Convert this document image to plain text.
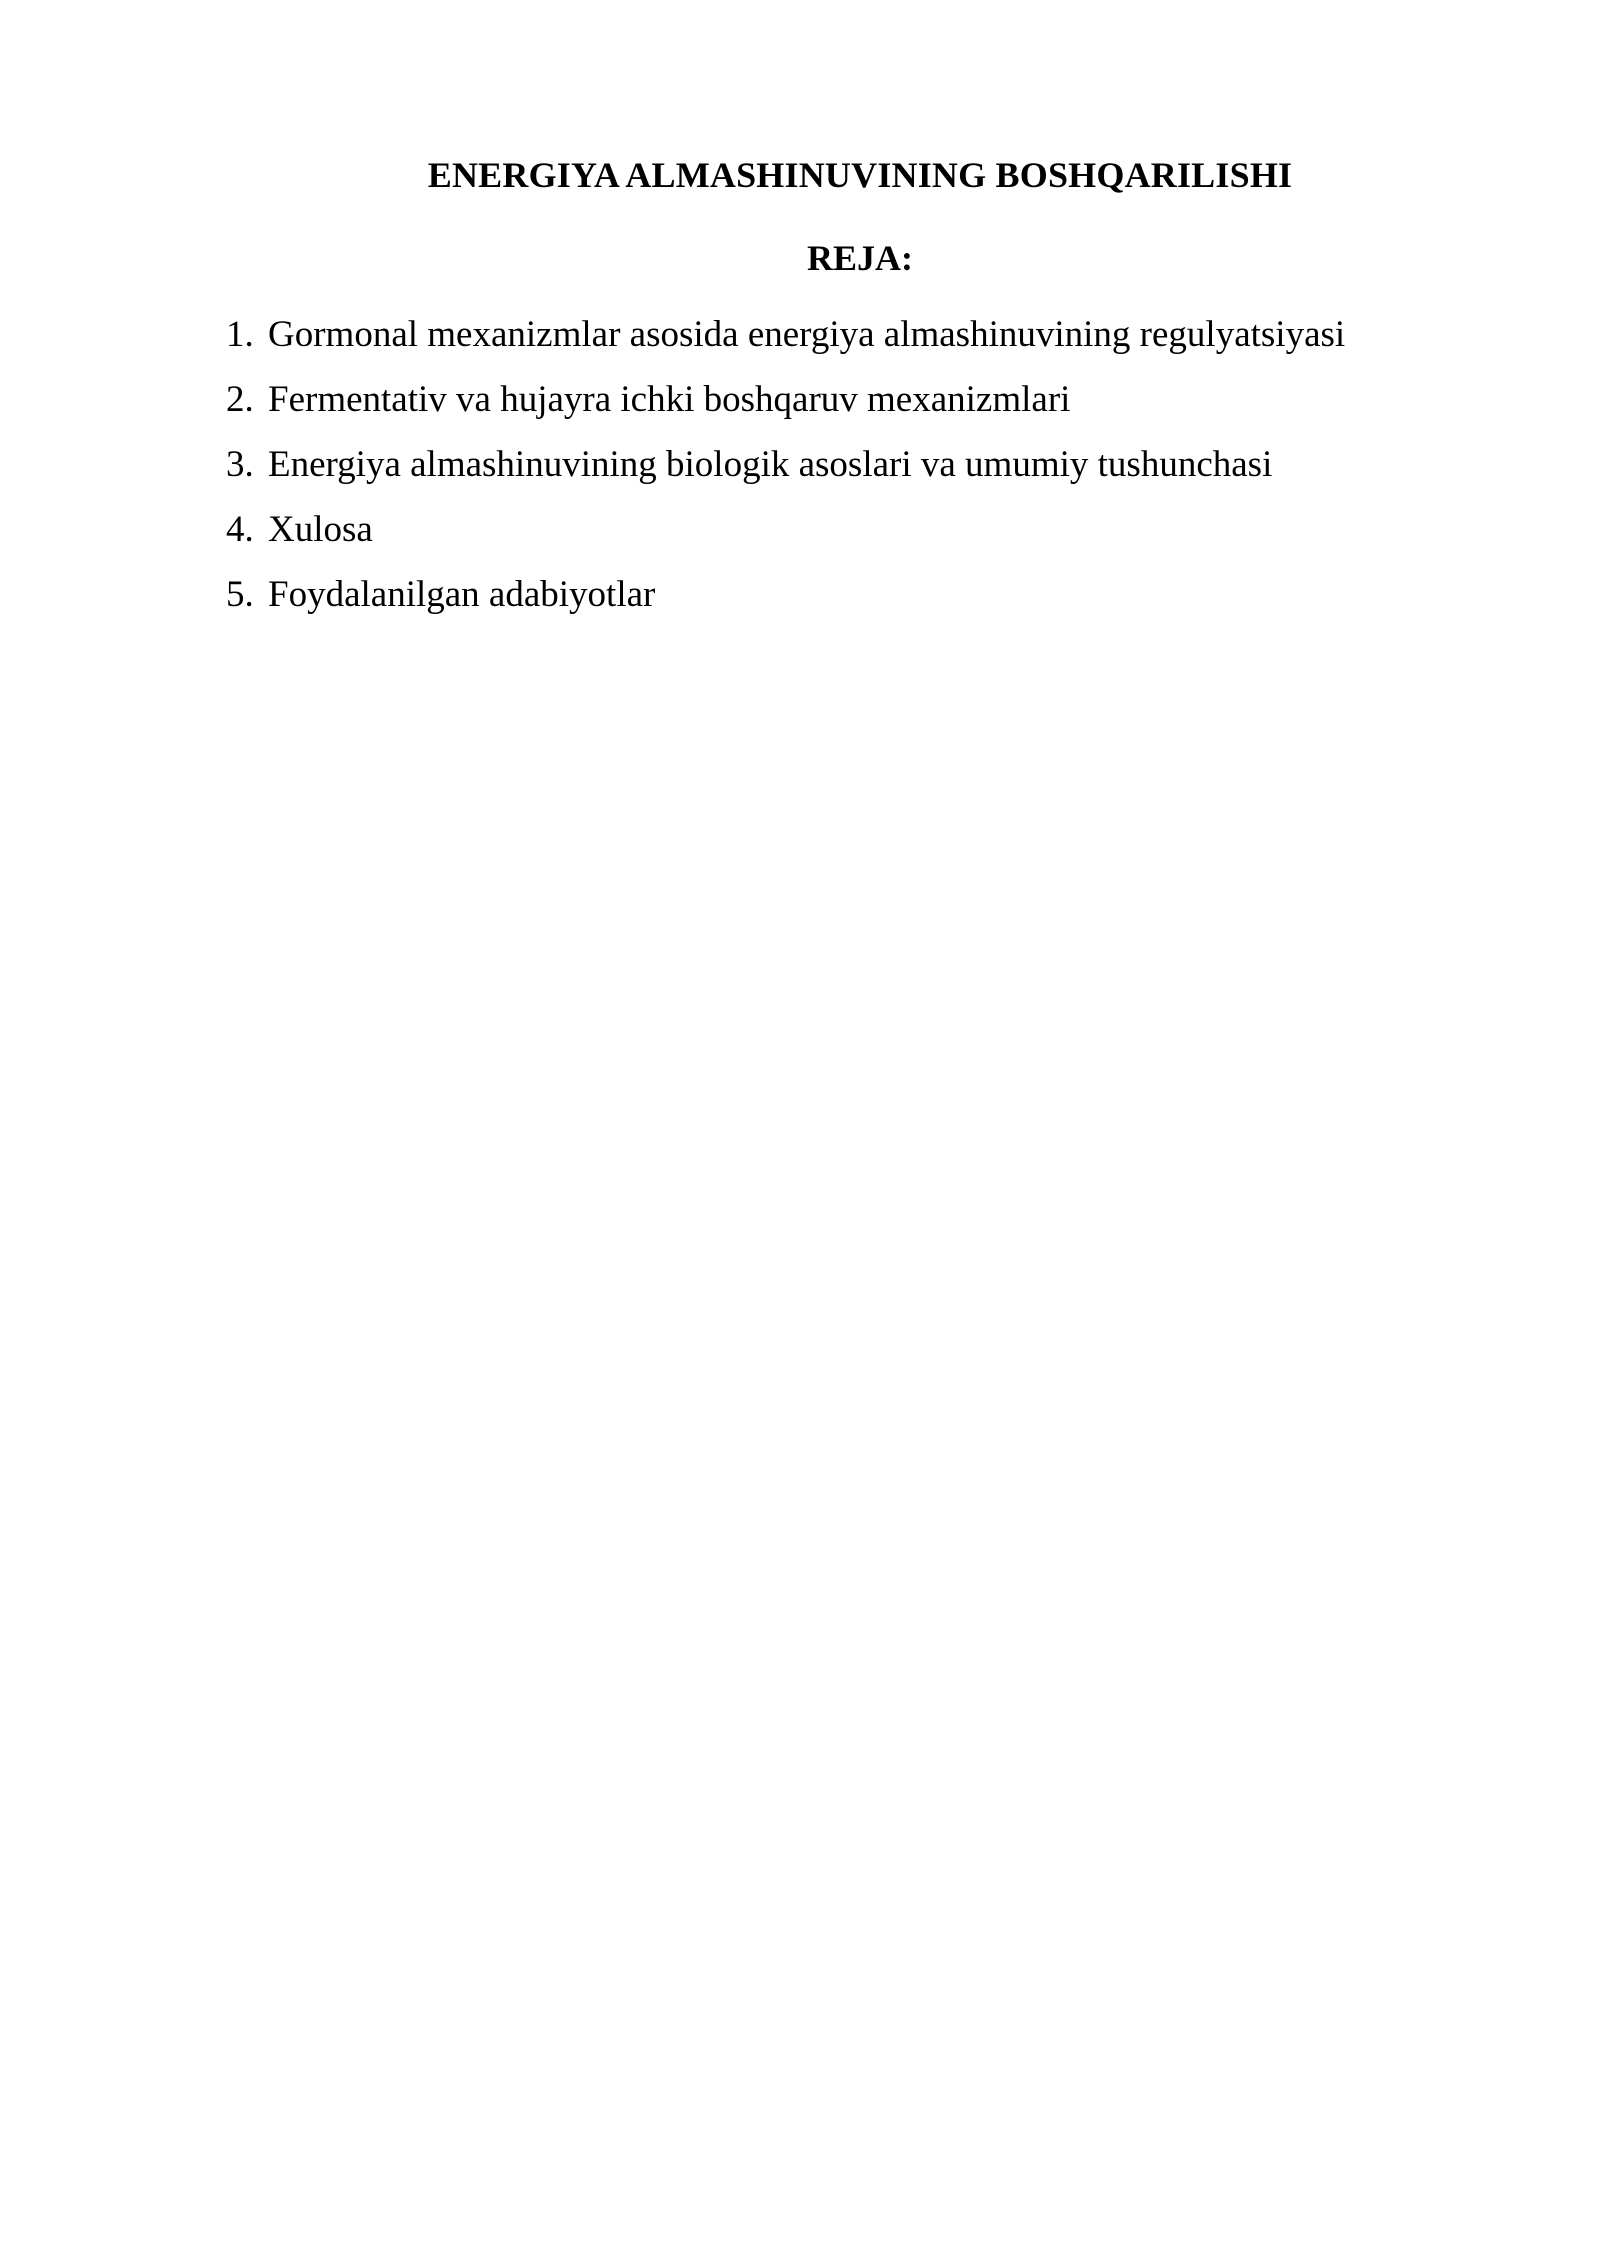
ENERGIYA ALMASHINUVINING BOSHQARILISHI
REJA:
1. Gormonal mexanizmlar asosida energiya almashinuvining regulyatsiyasi
2. Fermentativ va hujayra ichki boshqaruv mexanizmlari
3. Energiya almashinuvining biologik asoslari va umumiy tushunchasi
4. Xulosa
5. Foydalanilgan adabiyotlar
